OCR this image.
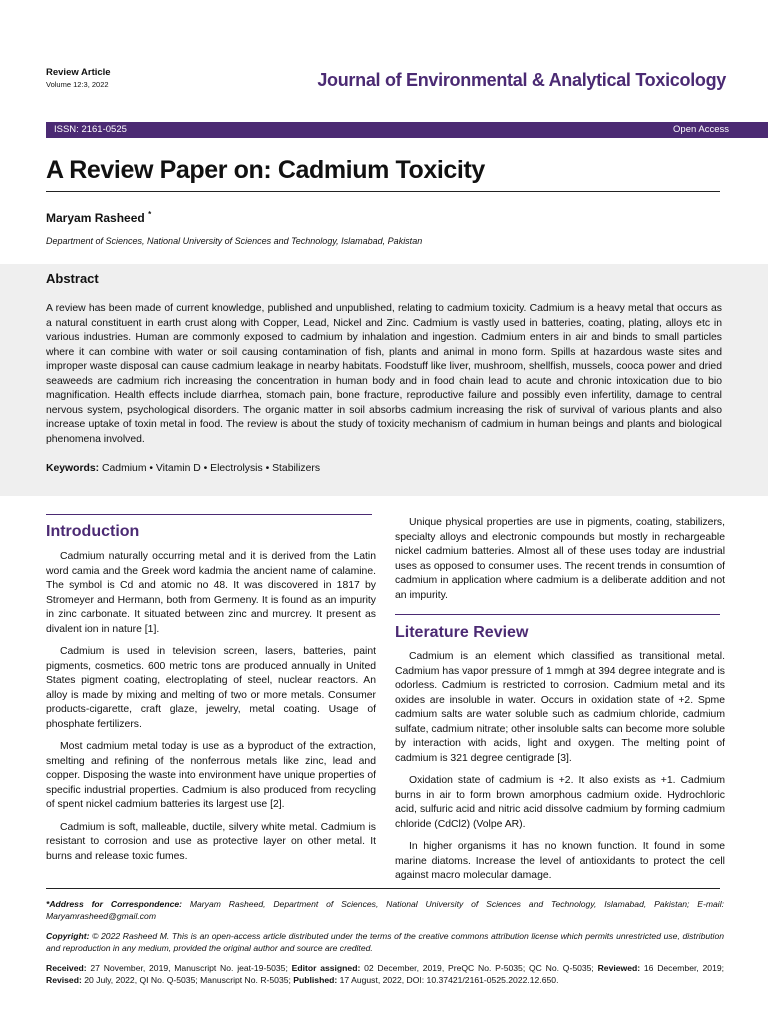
Review Article
Volume 12:3, 2022	Journal of Environmental & Analytical Toxicology
ISSN: 2161-0525	Open Access
A Review Paper on: Cadmium Toxicity
Maryam Rasheed *
Department of Sciences, National University of Sciences and Technology, Islamabad, Pakistan
Abstract
A review has been made of current knowledge, published and unpublished, relating to cadmium toxicity. Cadmium is a heavy metal that occurs as a natural constituent in earth crust along with Copper, Lead, Nickel and Zinc. Cadmium is vastly used in batteries, coating, plating, alloys etc in various industries. Human are commonly exposed to cadmium by inhalation and ingestion. Cadmium enters in air and binds to small particles where it can combine with water or soil causing contamination of fish, plants and animal in mono form. Spills at hazardous waste sites and improper waste disposal can cause cadmium leakage in nearby habitats. Foodstuff like liver, mushroom, shellfish, mussels, cooca power and dried seaweeds are cadmium rich increasing the concentration in human body and in food chain lead to acute and chronic intoxication due to bio magnification. Health effects include diarrhea, stomach pain, bone fracture, reproductive failure and possibly even infertility, damage to central nervous system, psychological disorders. The organic matter in soil absorbs cadmium increasing the risk of survival of various plants and also increase uptake of toxin metal in food. The review is about the study of toxicity mechanism of cadmium in human beings and plants and biological phenomena involved.
Keywords: Cadmium • Vitamin D • Electrolysis • Stabilizers
Introduction

Cadmium naturally occurring metal and it is derived from the Latin word camia and the Greek word kadmia the ancient name of calamine. The symbol is Cd and atomic no 48. It was discovered in 1817 by Stromeyer and Hermann, both from Germeny. It is found as an impurity in zinc carbonate. It situated between zinc and murcrey. It present as divalent ion in nature [1].

Cadmium is used in television screen, lasers, batteries, paint pigments, cosmetics. 600 metric tons are produced annually in United States pigment coating, electroplating of steel, nuclear reactors. An alloy is made by mixing and melting of two or more metals. Consumer products-cigarette, craft glaze, jewelry, metal coating. Usage of phosphate fertilizers.

Most cadmium metal today is use as a byproduct of the extraction, smelting and refining of the nonferrous metals like zinc, lead and copper. Disposing the waste into environment have unique properties of specific industrial properties. Cadmium is also produced from recycling of spent nickel cadmium batteries its largest use [2].

Cadmium is soft, malleable, ductile, silvery white metal. Cadmium is resistant to corrosion and use as protective layer on other metal. It burns and release toxic fumes.

Unique physical properties are use in pigments, coating, stabilizers, specialty alloys and electronic compounds but mostly in rechargeable nickel cadmium batteries. Almost all of these uses today are industrial uses as opposed to consumer uses. The recent trends in consumtion of cadmium in application where cadmium is a deliberate addition and not an impurity.

Literature Review

Cadmium is an element which classified as transitional metal. Cadmium has vapor pressure of 1 mmgh at 394 degree integrate and is odorless. Cadmium is restricted to corrosion. Cadmium metal and its oxides are insoluble in water. Occurs in oxidation state of +2. Spme cadmium salts are water soluble such as cadmium chloride, cadmium sulfate, cadmium nitrate; other insoluble salts can become more soluble by interaction with acids, light and oxygen. The melting point of cadmium is 321 degree centigrade [3].

Oxidation state of cadmium is +2. It also exists as +1. Cadmium burns in air to form brown amorphous cadmium oxide. Hydrochloric acid, sulfuric acid and nitric acid dissolve cadmium by forming cadmium chloride (CdCl2) (Volpe AR).

In higher organisms it has no known function. It found in some marine diatoms. Increase the level of antioxidants to protect the cell against macro molecular damage.

*Address for Correspondence: Maryam Rasheed, Department of Sciences, National University of Sciences and Technology, Islamabad, Pakistan; E-mail: Maryamrasheed@gmail.com
Copyright: © 2022 Rasheed M. This is an open-access article distributed under the terms of the creative commons attribution license which permits unrestricted use, distribution and reproduction in any medium, provided the original author and source are credited.
Received: 27 November, 2019, Manuscript No. jeat-19-5035; Editor assigned: 02 December, 2019, PreQC No. P-5035; QC No. Q-5035; Reviewed: 16 December, 2019; Revised: 20 July, 2022, QI No. Q-5035; Manuscript No. R-5035; Published: 17 August, 2022, DOI: 10.37421/2161-0525.2022.12.650.
